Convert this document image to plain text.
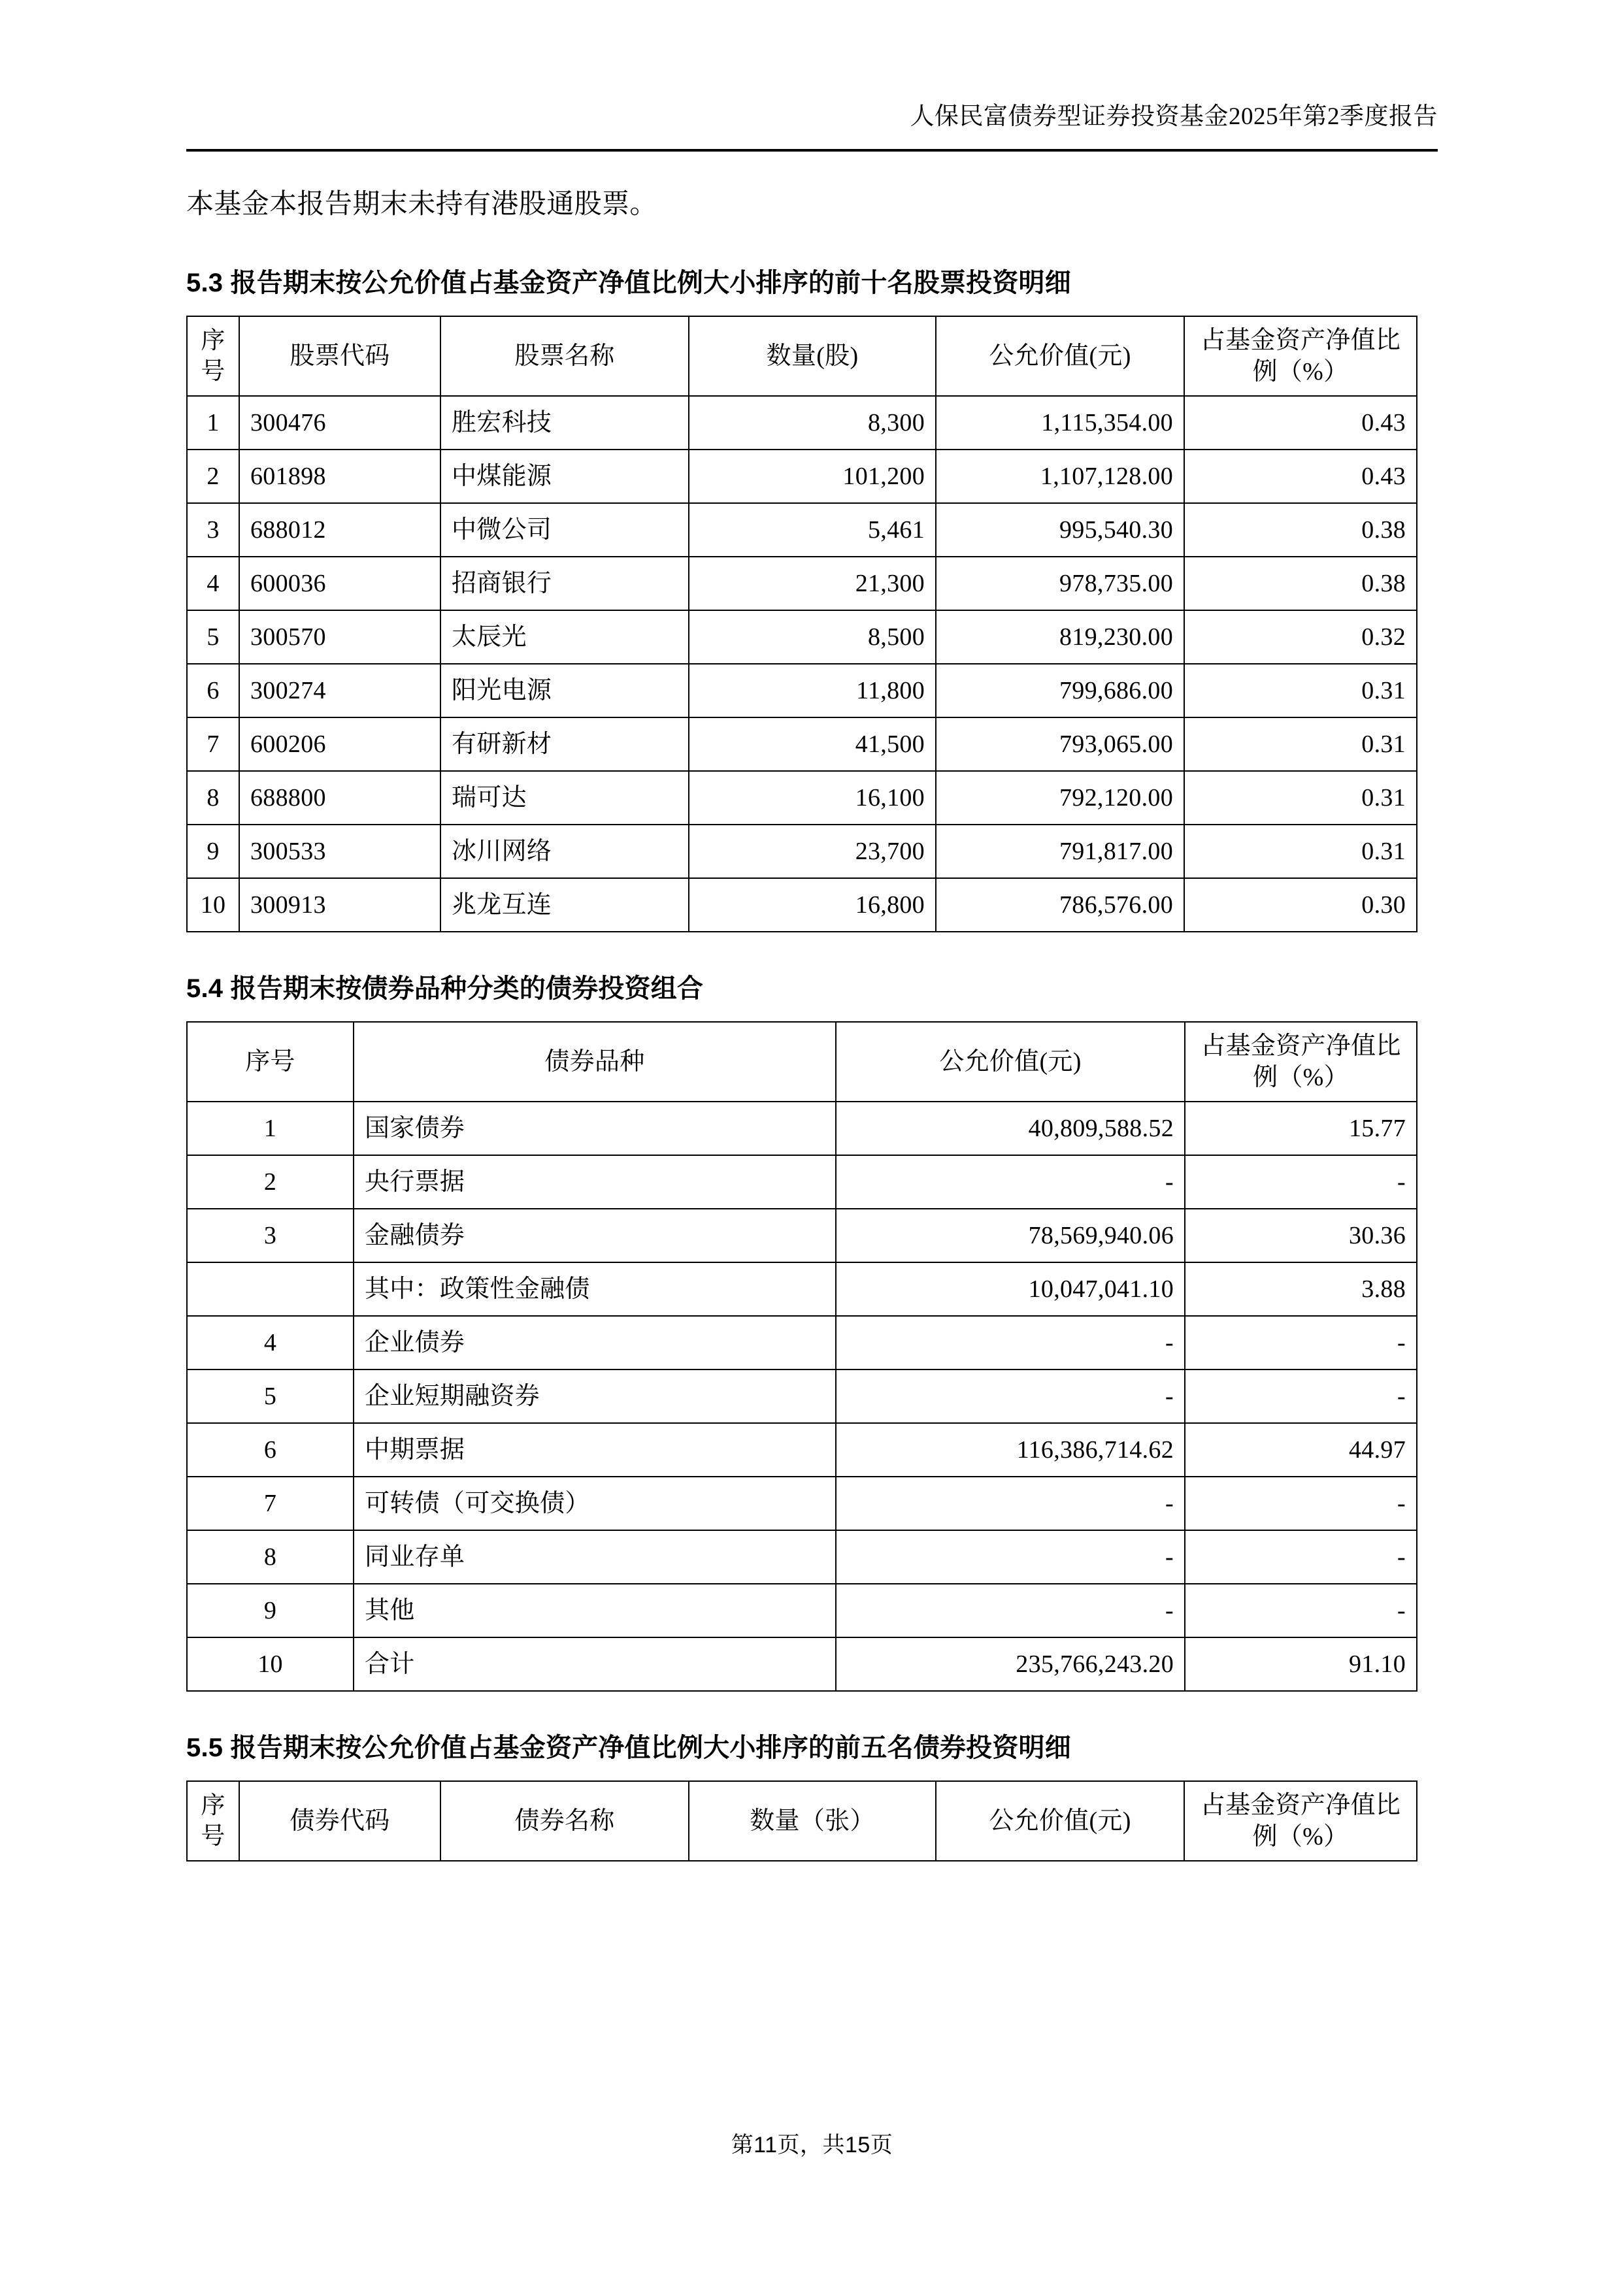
人保民富债券型证券投资基金2025年第2季度报告

本基金本报告期末未持有港股通股票。

5.3 报告期末按公允价值占基金资产净值比例大小排序的前十名股票投资明细
序
号	股票代码	股票名称	数量(股)	公允价值(元)	占基金资产净值比例（%）
1	300476	胜宏科技	8,300	1,115,354.00	0.43
2	601898	中煤能源	101,200	1,107,128.00	0.43
3	688012	中微公司	5,461	995,540.30	0.38
4	600036	招商银行	21,300	978,735.00	0.38
5	300570	太辰光	8,500	819,230.00	0.32
6	300274	阳光电源	11,800	799,686.00	0.31
7	600206	有研新材	41,500	793,065.00	0.31
8	688800	瑞可达	16,100	792,120.00	0.31
9	300533	冰川网络	23,700	791,817.00	0.31
10	300913	兆龙互连	16,800	786,576.00	0.30
5.4 报告期末按债券品种分类的债券投资组合
序号	债券品种	公允价值(元)	占基金资产净值比例（%）
1	国家债券	40,809,588.52	15.77
2	央行票据	-	-
3	金融债券	78,569,940.06	30.36
	其中：政策性金融债	10,047,041.10	3.88
4	企业债券	-	-
5	企业短期融资券	-	-
6	中期票据	116,386,714.62	44.97
7	可转债（可交换债）	-	-
8	同业存单	-	-
9	其他	-	-
10	合计	235,766,243.20	91.10
5.5 报告期末按公允价值占基金资产净值比例大小排序的前五名债券投资明细
序
号
	债券代码	债券名称	数量（张）	公允价值(元)	占基金资产净值比例（%）
第11页，共15页
